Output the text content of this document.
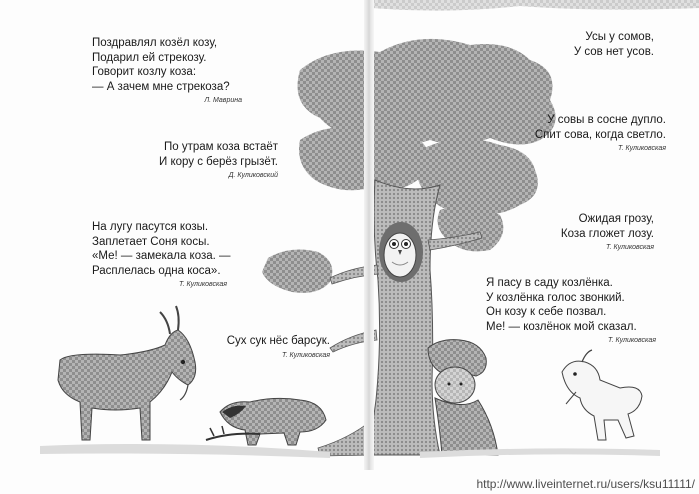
Поздравлял козёл козу,
Подарил ей стрекозу.
Говорит козлу коза:
— А зачем мне стрекоза?
Л. Маврина
По утрам коза встаёт
И кору с берёз грызёт.
Д. Куликовский
На лугу пасутся козы.
Заплетает Соня косы.
«Ме! — замекала коза. —
Расплелась одна коса».
Т. Куликовская
Сух сук нёс барсук.
Т. Куликовская
Усы у сомов,
У сов нет усов.
У совы в сосне дупло.
Спит сова, когда светло.
Т. Куликовская
Ожидая грозу,
Коза гложет лозу.
Т. Куликовская
Я пасу в саду козлёнка.
У козлёнка голос звонкий.
Он козу к себе позвал.
Ме! — козлёнок мой сказал.
Т. Куликовская
http://www.liveinternet.ru/users/ksu11111/
